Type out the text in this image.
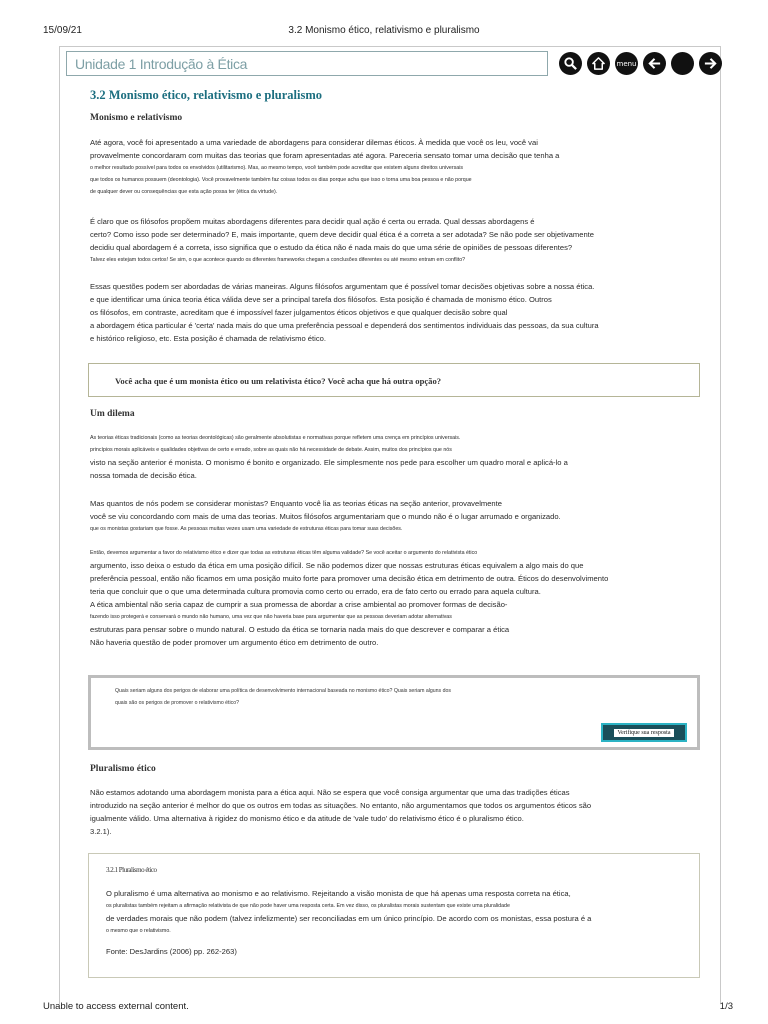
15/09/21	3.2 Monismo ético, relativismo e pluralismo
Unidade 1 Introdução à Ética	menu
3.2 Monismo ético, relativismo e pluralismo
Monismo e relativismo

Até agora, você foi apresentado a uma variedade de abordagens para considerar dilemas éticos. À medida que você os leu, você vai

provavelmente concordaram com muitas das teorias que foram apresentadas até agora. Pareceria sensato tomar uma decisão que tenha a

o melhor resultado possível para todos os envolvidos (utilitarismo). Mas, ao mesmo tempo, você também pode acreditar que existem alguns direitos universais

que todos os humanos possuem (deontologia). Você provavelmente também faz coisas todos os dias porque acha que isso o torna uma boa pessoa e não porque

de qualquer dever ou consequências que esta ação possa ter (ética da virtude).

É claro que os filósofos propõem muitas abordagens diferentes para decidir qual ação é certa ou errada. Qual dessas abordagens é

certo? Como isso pode ser determinado? E, mais importante, quem deve decidir qual ética é a correta a ser adotada? Se não pode ser objetivamente

decidiu qual abordagem é a correta, isso significa que o estudo da ética não é nada mais do que uma série de opiniões de pessoas diferentes?

Talvez eles estejam todos certos! Se sim, o que acontece quando os diferentes frameworks chegam a conclusões diferentes ou até mesmo entram em conflito?

Essas questões podem ser abordadas de várias maneiras. Alguns filósofos argumentam que é possível tomar decisões objetivas sobre a nossa ética.

e que identificar uma única teoria ética válida deve ser a principal tarefa dos filósofos. Esta posição é chamada de monismo ético. Outros

os filósofos, em contraste, acreditam que é impossível fazer julgamentos éticos objetivos e que qualquer decisão sobre qual

a abordagem ética particular é 'certa' nada mais do que uma preferência pessoal e dependerá dos sentimentos individuais das pessoas, da sua cultura

e histórico religioso, etc. Esta posição é chamada de relativismo ético.

Você acha que é um monista ético ou um relativista ético? Você acha que há outra opção?
Um dilema

As teorias éticas tradicionais (como as teorias deontológicas) são geralmente absolutistas e normativas porque refletem uma crença em princípios universais.

princípios morais aplicáveis e qualidades objetivas de certo e errado, sobre as quais não há necessidade de debate. Assim, muitos dos princípios que nós

visto na seção anterior é monista. O monismo é bonito e organizado. Ele simplesmente nos pede para escolher um quadro moral e aplicá-lo a

nossa tomada de decisão ética.

Mas quantos de nós podem se considerar monistas? Enquanto você lia as teorias éticas na seção anterior, provavelmente

você se viu concordando com mais de uma das teorias. Muitos filósofos argumentariam que o mundo não é o lugar arrumado e organizado.

que os monistas gostariam que fosse. As pessoas muitas vezes usam uma variedade de estruturas éticas para tomar suas decisões.

Então, devemos argumentar a favor do relativismo ético e dizer que todas as estruturas éticas têm alguma validade? Se você aceitar o argumento do relativista ético

argumento, isso deixa o estudo da ética em uma posição difícil. Se não podemos dizer que nossas estruturas éticas equivalem a algo mais do que

preferência pessoal, então não ficamos em uma posição muito forte para promover uma decisão ética em detrimento de outra. Éticos do desenvolvimento

teria que concluir que o que uma determinada cultura promovia como certo ou errado, era de fato certo ou errado para aquela cultura.

A ética ambiental não seria capaz de cumprir a sua promessa de abordar a crise ambiental ao promover formas de decisão-

fazendo isso protegerá e conservará o mundo não humano, uma vez que não haveria base para argumentar que as pessoas deveriam adotar alternativas

estruturas para pensar sobre o mundo natural. O estudo da ética se tornaria nada mais do que descrever e comparar a ética

Não haveria questão de poder promover um argumento ético em detrimento de outro.

Quais seriam alguns dos perigos de elaborar uma política de desenvolvimento internacional baseada no monismo ético? Quais seriam alguns dos

quais são os perigos de promover o relativismo ético?

Verifique sua resposta
Pluralismo ético

Não estamos adotando uma abordagem monista para a ética aqui. Não se espera que você consiga argumentar que uma das tradições éticas

introduzido na seção anterior é melhor do que os outros em todas as situações. No entanto, não argumentamos que todos os argumentos éticos são

igualmente válido. Uma alternativa à rigidez do monismo ético e da atitude de 'vale tudo' do relativismo ético é o pluralismo ético.

3.2.1).

3.2.1 Pluralismo ético

O pluralismo é uma alternativa ao monismo e ao relativismo. Rejeitando a visão monista de que há apenas uma resposta correta na ética,

os pluralistas também rejeitam a afirmação relativista de que não pode haver uma resposta certa. Em vez disso, os pluralistas morais sustentam que existe uma pluralidade

de verdades morais que não podem (talvez infelizmente) ser reconciliadas em um único princípio. De acordo com os monistas, essa postura é a

o mesmo que o relativismo.

Fonte: DesJardins (2006) pp. 262-263)

Unable to access external content.	1/3
